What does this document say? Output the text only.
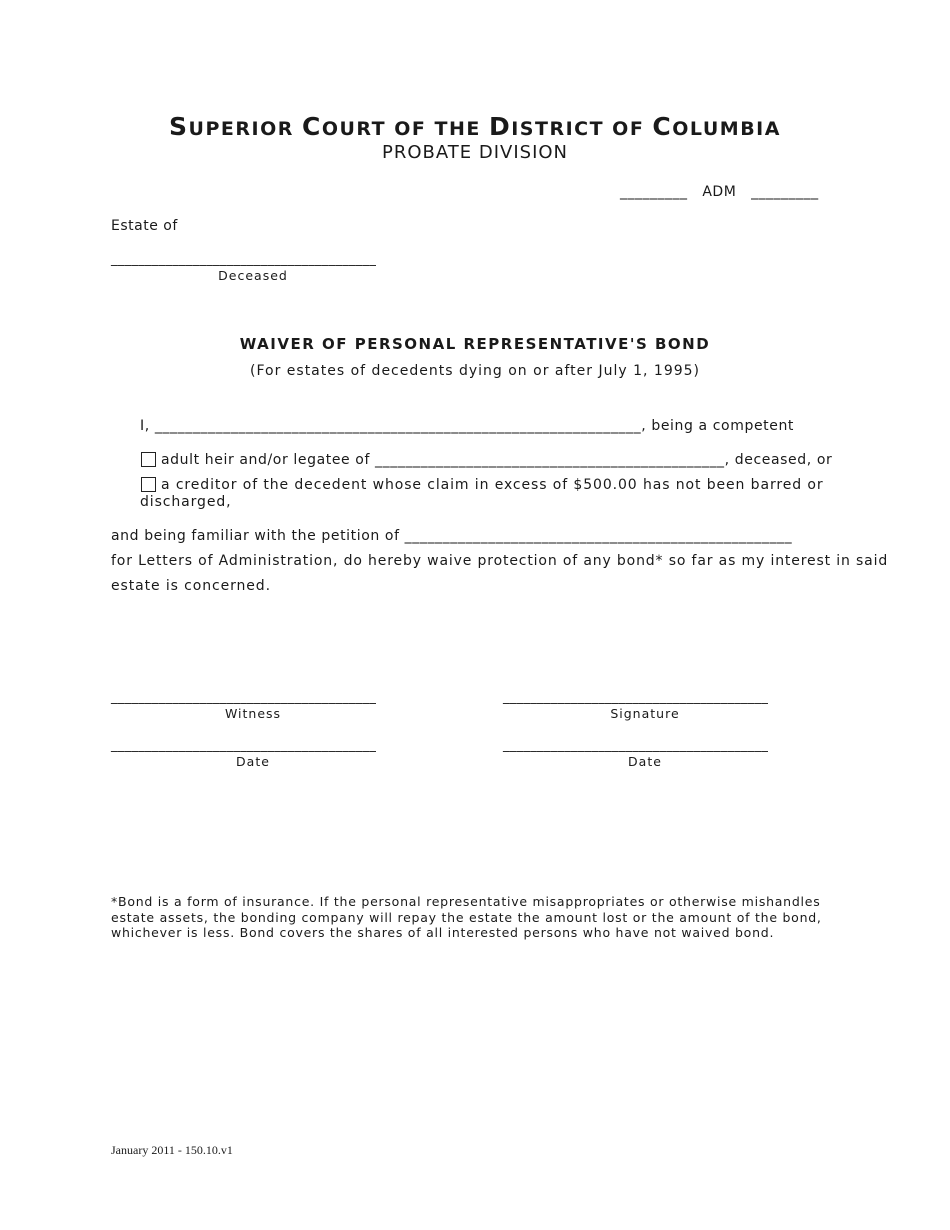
SUPERIOR COURT OF THE DISTRICT OF COLUMBIA
PROBATE DIVISION
_________ ADM _________
Estate of
_______________________________________
Deceased
WAIVER OF PERSONAL REPRESENTATIVE'S BOND
(For estates of decedents dying on or after July 1, 1995)
I, ________________________________________________________________, being a competent
adult heir and/or legatee of ______________________________________________, deceased, or
a creditor of the decedent whose claim in excess of $500.00 has not been barred or
discharged,
and being familiar with the petition of ___________________________________________________
for Letters of Administration, do hereby waive protection of any bond* so far as my interest in said
estate is concerned.
_______________________________________
Witness
_______________________________________
Signature
_______________________________________
Date
_______________________________________
Date
*Bond is a form of insurance. If the personal representative misappropriates or otherwise mishandles estate assets, the bonding company will repay the estate the amount lost or the amount of the bond, whichever is less. Bond covers the shares of all interested persons who have not waived bond.
January 2011 - 150.10.v1
